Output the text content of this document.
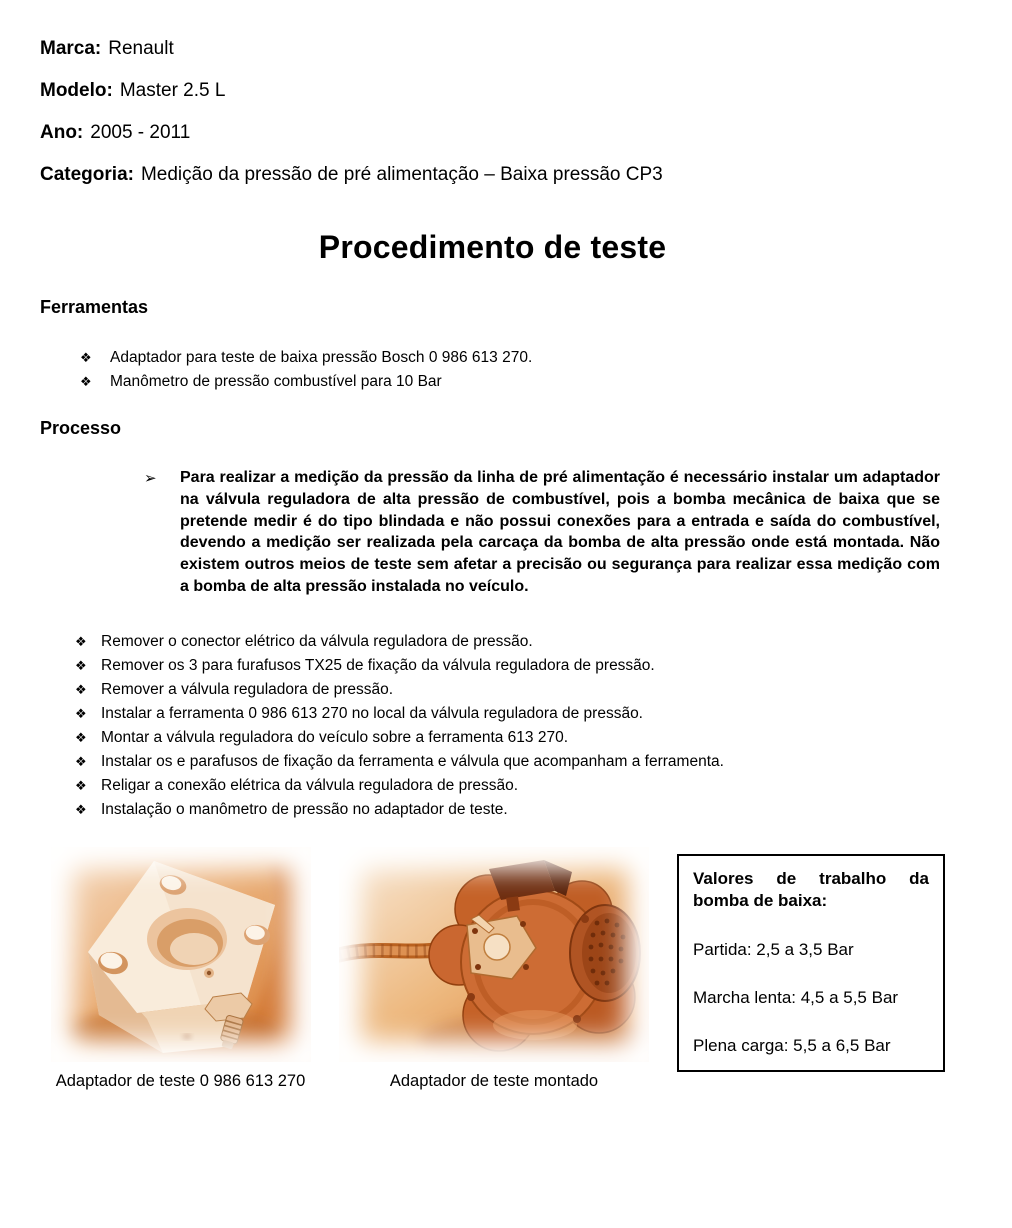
Marca: Renault
Modelo: Master 2.5 L
Ano: 2005 - 2011
Categoria: Medição da pressão de pré alimentação – Baixa pressão CP3
Procedimento de teste
Ferramentas
❖	Adaptador para teste de baixa pressão Bosch 0 986 613 270.
❖	Manômetro de pressão combustível para 10 Bar
Processo
➢ Para realizar a medição da pressão da linha de pré alimentação é necessário instalar um adaptador na válvula reguladora de alta pressão de combustível, pois a bomba mecânica de baixa que se pretende medir é do tipo blindada e não possui conexões para a entrada e saída do combustível, devendo a medição ser realizada pela carcaça da bomba de alta pressão onde está montada. Não existem outros meios de teste sem afetar a precisão ou segurança para realizar essa medição com a bomba de alta pressão instalada no veículo.

❖ Remover o conector elétrico da válvula reguladora de pressão.
❖ Remover os 3 para furafusos TX25 de fixação da válvula reguladora de pressão.
❖ Remover a válvula reguladora de pressão.
❖ Instalar a ferramenta 0 986 613 270 no local da válvula reguladora de pressão.
❖ Montar a válvula reguladora do veículo sobre a ferramenta 613 270.
❖ Instalar os e parafusos de fixação da ferramenta e válvula que acompanham a ferramenta.
❖ Religar a conexão elétrica da válvula reguladora de pressão.
❖ Instalação o manômetro de pressão no adaptador de teste.
Adaptador de teste 0 986 613 270	Adaptador de teste montado
Valores de trabalho da bomba de baixa:
Partida: 2,5 a 3,5 Bar
Marcha lenta: 4,5 a 5,5 Bar
Plena carga: 5,5 a 6,5 Bar
